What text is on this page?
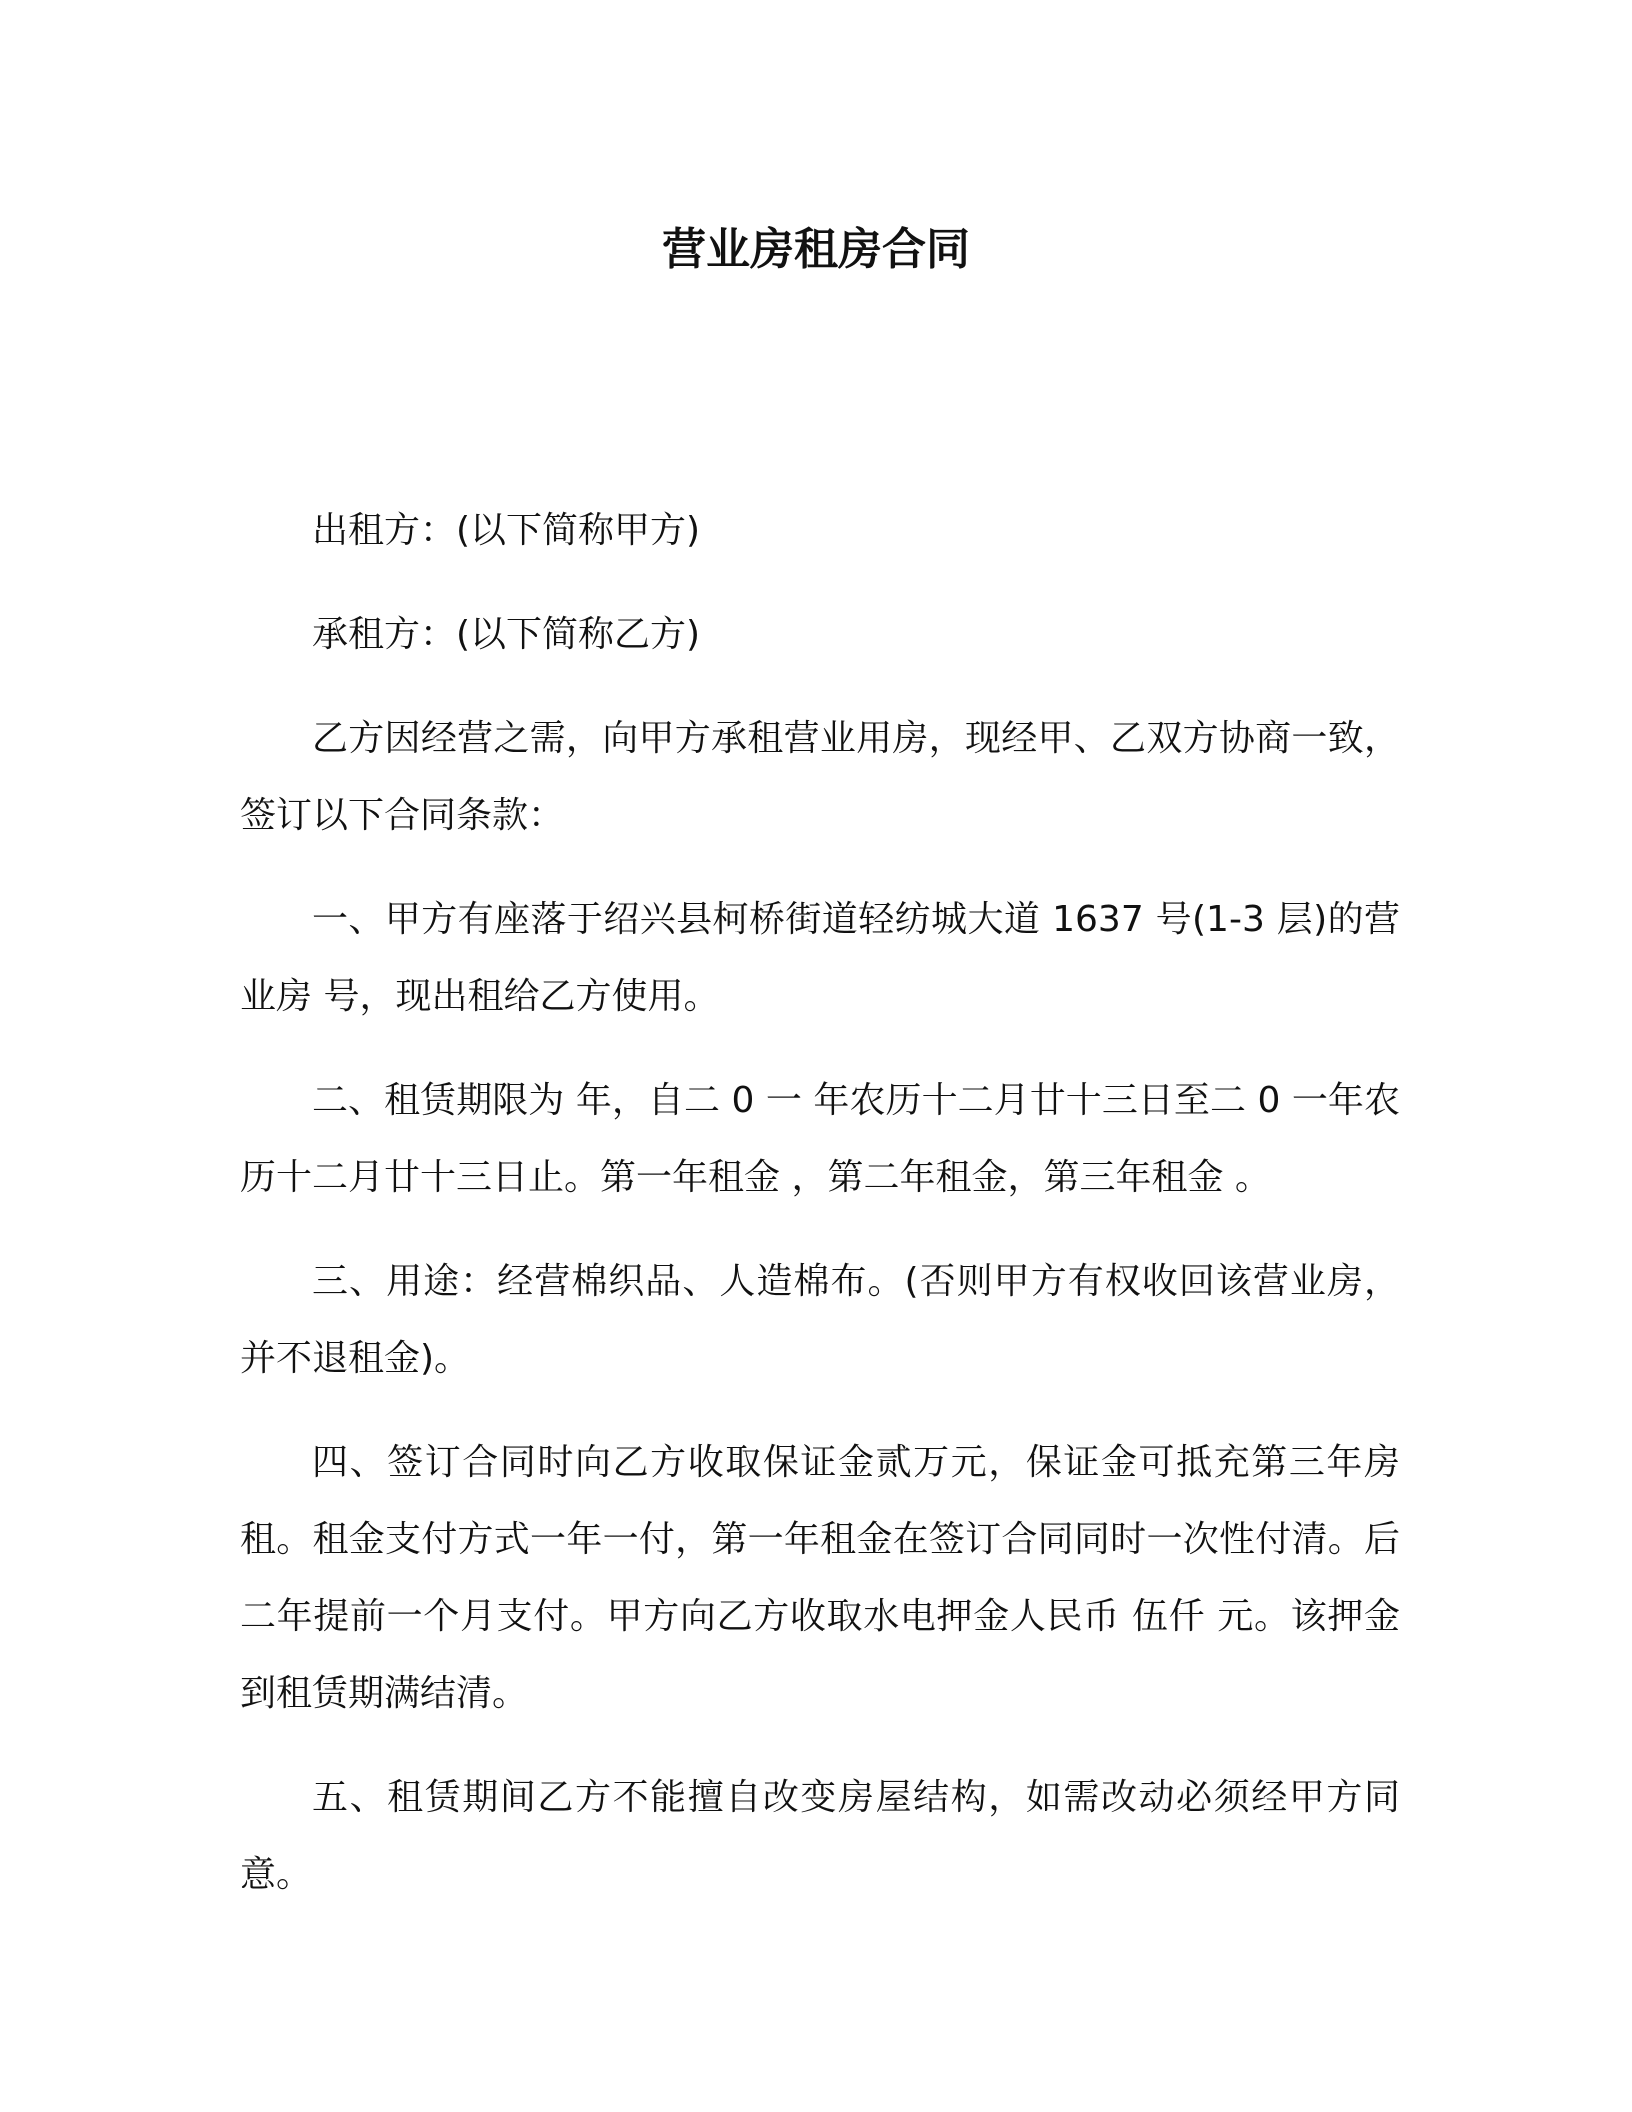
营业房租房合同

出租方：(以下简称甲方)

承租方：(以下简称乙方)

乙方因经营之需，向甲方承租营业用房，现经甲、乙双方协商一致，签订以下合同条款：

一、甲方有座落于绍兴县柯桥街道轻纺城大道 1637 号(1-3 层)的营业房 号，现出租给乙方使用。

二、租赁期限为 年，自二 0 一 年农历十二月廿十三日至二 0 一年农历十二月廿十三日止。第一年租金 ，第二年租金，第三年租金 。

三、用途：经营棉织品、人造棉布。(否则甲方有权收回该营业房，并不退租金)。

四、签订合同时向乙方收取保证金贰万元，保证金可抵充第三年房租。租金支付方式一年一付，第一年租金在签订合同同时一次性付清。后二年提前一个月支付。甲方向乙方收取水电押金人民币 伍仟 元。该押金到租赁期满结清。

五、租赁期间乙方不能擅自改变房屋结构，如需改动必须经甲方同意。
